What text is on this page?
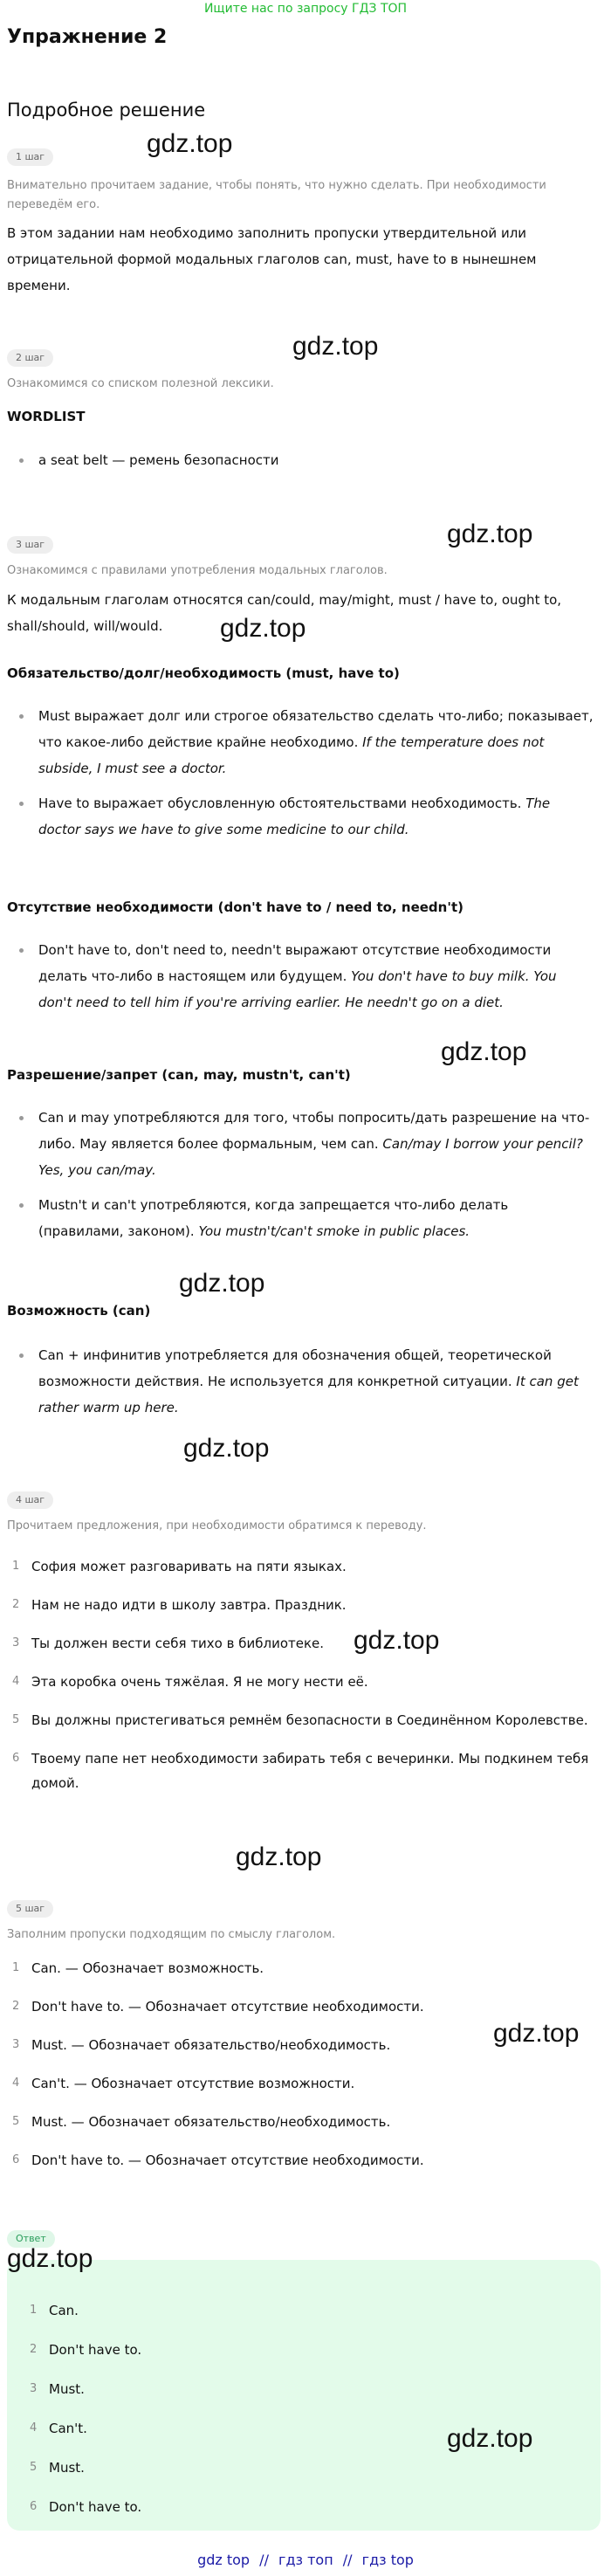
Ищите нас по запросу ГДЗ ТОП
Упражнение 2
Подробное решение
1 шаг	gdz.top
Внимательно прочитаем задание, чтобы понять, что нужно сделать. При необходимости переведём его.
В этом задании нам необходимо заполнить пропуски утвердительной или отрицательной формой модальных глаголов can, must, have to в нынешнем времени.
2 шаг	gdz.top
Ознакомимся со списком полезной лексики.
WORDLIST
a seat belt — ремень безопасности
3 шаг	gdz.top
Ознакомимся с правилами употребления модальных глаголов.
К модальным глаголам относятся can/could, may/might, must / have to, ought to, shall/should, will/would.	gdz.top
Обязательство/долг/необходимость (must, have to)
Must выражает долг или строгое обязательство сделать что-либо; показывает, что какое-либо действие крайне необходимо. If the temperature does not subside, I must see a doctor.
Have to выражает обусловленную обстоятельствами необходимость. The doctor says we have to give some medicine to our child.
Отсутствие необходимости (don't have to / need to, needn't)
Don't have to, don't need to, needn't выражают отсутствие необходимости делать что-либо в настоящем или будущем. You don't have to buy milk. You don't need to tell him if you're arriving earlier. He needn't go on a diet.
gdz.top
Разрешение/запрет (can, may, mustn't, can't)
Can и may употребляются для того, чтобы попросить/дать разрешение на что-либо. May является более формальным, чем can. Can/may I borrow your pencil? Yes, you can/may.
Mustn't и can't употребляются, когда запрещается что-либо делать (правилами, законом). You mustn't/can't smoke in public places.
gdz.top
Возможность (can)
Can + инфинитив употребляется для обозначения общей, теоретической возможности действия. Не используется для конкретной ситуации. It can get rather warm up here.
gdz.top
4 шаг
Прочитаем предложения, при необходимости обратимся к переводу.
1 София может разговаривать на пяти языках.
2 Нам не надо идти в школу завтра. Праздник.
3 Ты должен вести себя тихо в библиотеке.
4 Эта коробка очень тяжёлая. Я не могу нести её.
5 Вы должны пристегиваться ремнём безопасности в Соединённом Королевстве.
6 Твоему папе нет необходимости забирать тебя с вечеринки. Мы подкинем тебя домой.
gdz.top
gdz.top
5 шаг
Заполним пропуски подходящим по смыслу глаголом.
1 Can. — Обозначает возможность.
2 Don't have to. — Обозначает отсутствие необходимости.
3 Must. — Обозначает обязательство/необходимость.
4 Can't. — Обозначает отсутствие возможности.
5 Must. — Обозначает обязательство/необходимость.
6 Don't have to. — Обозначает отсутствие необходимости.
gdz.top
Ответ
gdz.top
1 Can.
2 Don't have to.
3 Must.
4 Can't.
5 Must.
6 Don't have to.
gdz.top
gdz top // гдз топ // гдз top
